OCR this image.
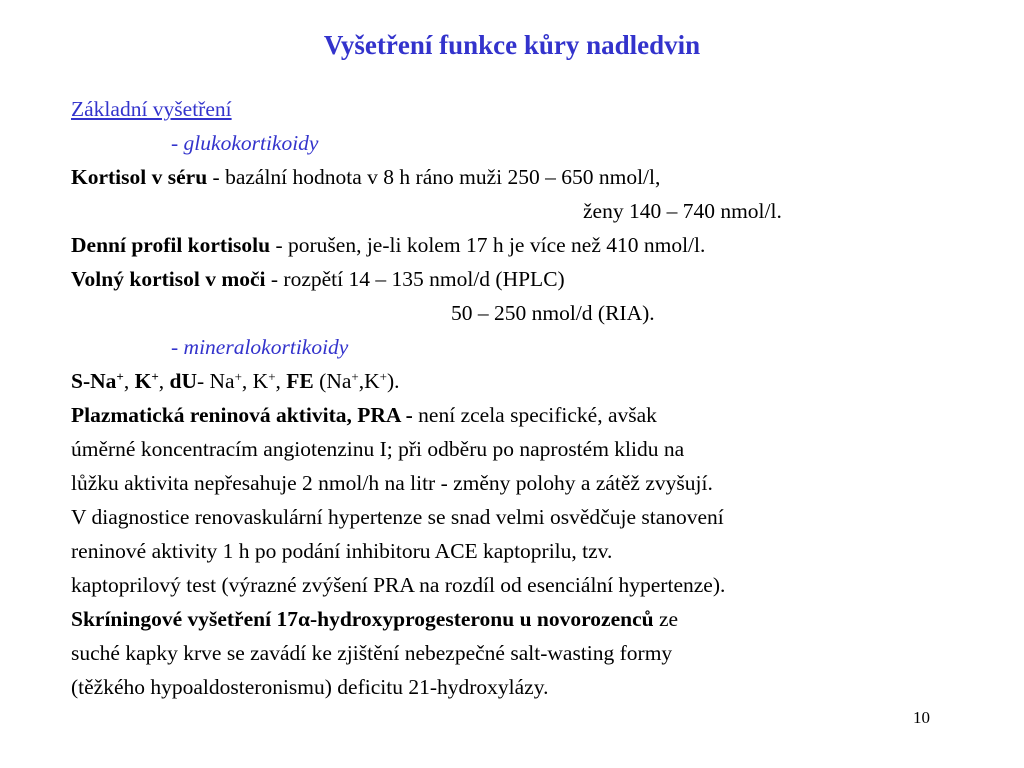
Vyšetření funkce kůry nadledvin
Základní vyšetření
- glukokortikoidy
Kortisol v séru - bazální hodnota v 8 h ráno muži 250 – 650 nmol/l,
ženy 140 – 740 nmol/l.
Denní profil kortisolu - porušen, je-li kolem 17 h je více než 410 nmol/l.
Volný kortisol v moči - rozpětí 14 – 135 nmol/d (HPLC)
50 – 250 nmol/d (RIA).
- mineralokortikoidy
S-Na+, K+, dU- Na+, K+, FE (Na+,K+).
Plazmatická reninová aktivita, PRA - není zcela specifické, avšak
úměrné koncentracím angiotenzinu I; při odběru po naprostém klidu na
lůžku aktivita nepřesahuje 2 nmol/h na litr - změny polohy a zátěž zvyšují.
V diagnostice renovaskulární hypertenze se snad velmi osvědčuje stanovení
reninové aktivity 1 h po podání inhibitoru ACE kaptoprilu, tzv.
kaptoprilový test (výrazné zvýšení PRA na rozdíl od esenciální hypertenze).
Skríningové vyšetření 17α-hydroxyprogesteronu u novorozenců ze
suché kapky krve se zavádí ke zjištění nebezpečné salt-wasting formy
(těžkého hypoaldosteronismu) deficitu 21-hydroxylázy.
10
